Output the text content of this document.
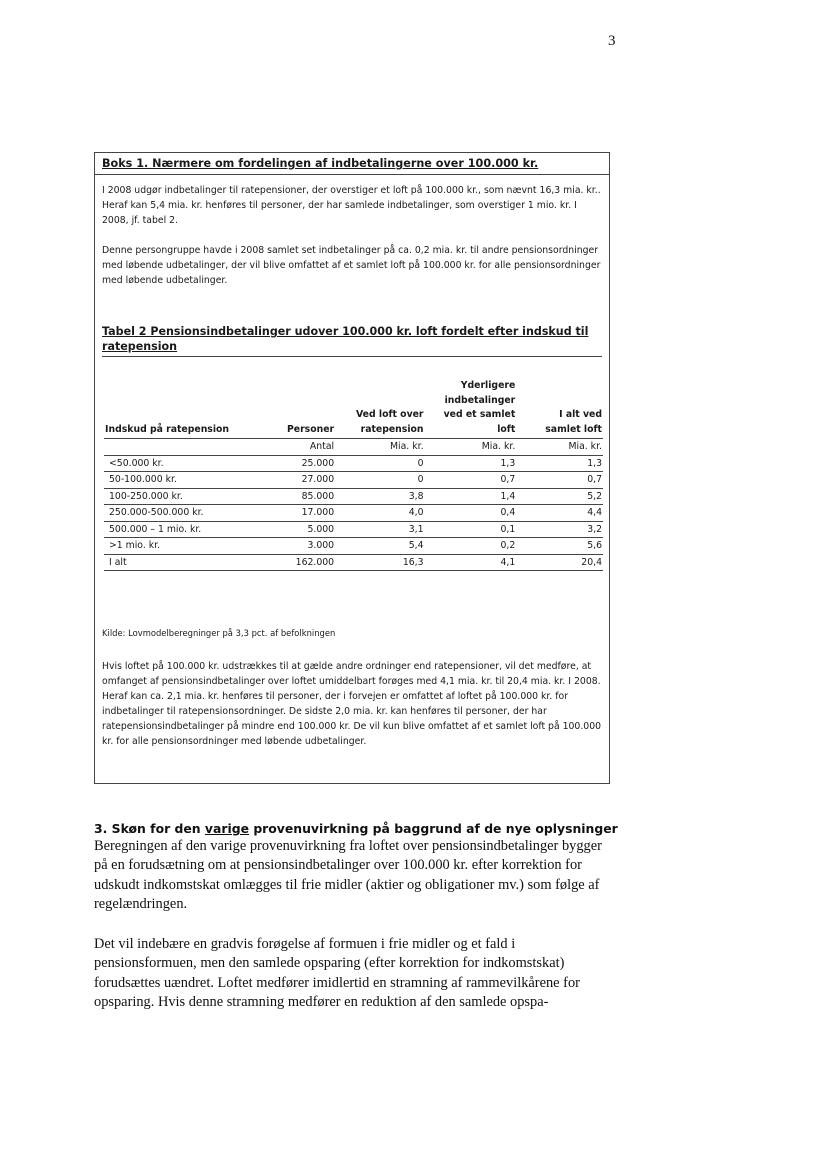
3
Boks 1. Nærmere om fordelingen af indbetalingerne over 100.000 kr.

I 2008 udgør indbetalinger til ratepensioner, der overstiger et loft på 100.000 kr., som nævnt 16,3 mia. kr.. Heraf kan 5,4 mia. kr. henføres til personer, der har samlede indbetalinger, som overstiger 1 mio. kr. I 2008, jf. tabel 2.

Denne persongruppe havde i 2008 samlet set indbetalinger på ca. 0,2 mia. kr. til andre pensionsordninger med løbende udbetalinger, der vil blive omfattet af et samlet loft på 100.000 kr. for alle pensionsordninger med løbende udbetalinger.

Tabel 2 Pensionsindbetalinger udover 100.000 kr. loft fordelt efter indskud til ratepension
Indskud på ratepension	Personer	Ved loft over ratepension	Yderligere indbetalinger ved et samlet loft	I alt ved samlet loft
	Antal	Mia. kr.	Mia. kr.	Mia. kr.
<50.000 kr.	25.000	0	1,3	1,3
50-100.000 kr.	27.000	0	0,7	0,7
100-250.000 kr.	85.000	3,8	1,4	5,2
250.000-500.000 kr.	17.000	4,0	0,4	4,4
500.000 – 1 mio. kr.	5.000	3,1	0,1	3,2
>1 mio. kr.	3.000	5,4	0,2	5,6
I alt	162.000	16,3	4,1	20,4
Kilde: Lovmodelberegninger på 3,3 pct. af befolkningen

Hvis loftet på 100.000 kr. udstrækkes til at gælde andre ordninger end ratepensioner, vil det medføre, at omfanget af pensionsindbetalinger over loftet umiddelbart forøges med 4,1 mia. kr. til 20,4 mia. kr. I 2008. Heraf kan ca. 2,1 mia. kr. henføres til personer, der i forvejen er omfattet af loftet på 100.000 kr. for indbetalinger til ratepensionsordninger. De sidste 2,0 mia. kr. kan henføres til personer, der har ratepensionsindbetalinger på mindre end 100.000 kr. De vil kun blive omfattet af et samlet loft på 100.000 kr. for alle pensionsordninger med løbende udbetalinger.

3. Skøn for den varige provenuvirkning på baggrund af de nye oplysninger

Beregningen af den varige provenuvirkning fra loftet over pensionsindbetalinger bygger på en forudsætning om at pensionsindbetalinger over 100.000 kr. efter korrektion for udskudt indkomstskat omlægges til frie midler (aktier og obligationer mv.) som følge af regelændringen.

Det vil indebære en gradvis forøgelse af formuen i frie midler og et fald i pensionsformuen, men den samlede opsparing (efter korrektion for indkomstskat) forudsættes uændret. Loftet medfører imidlertid en stramning af rammevilkårene for opsparing. Hvis denne stramning medfører en reduktion af den samlede opspa-
